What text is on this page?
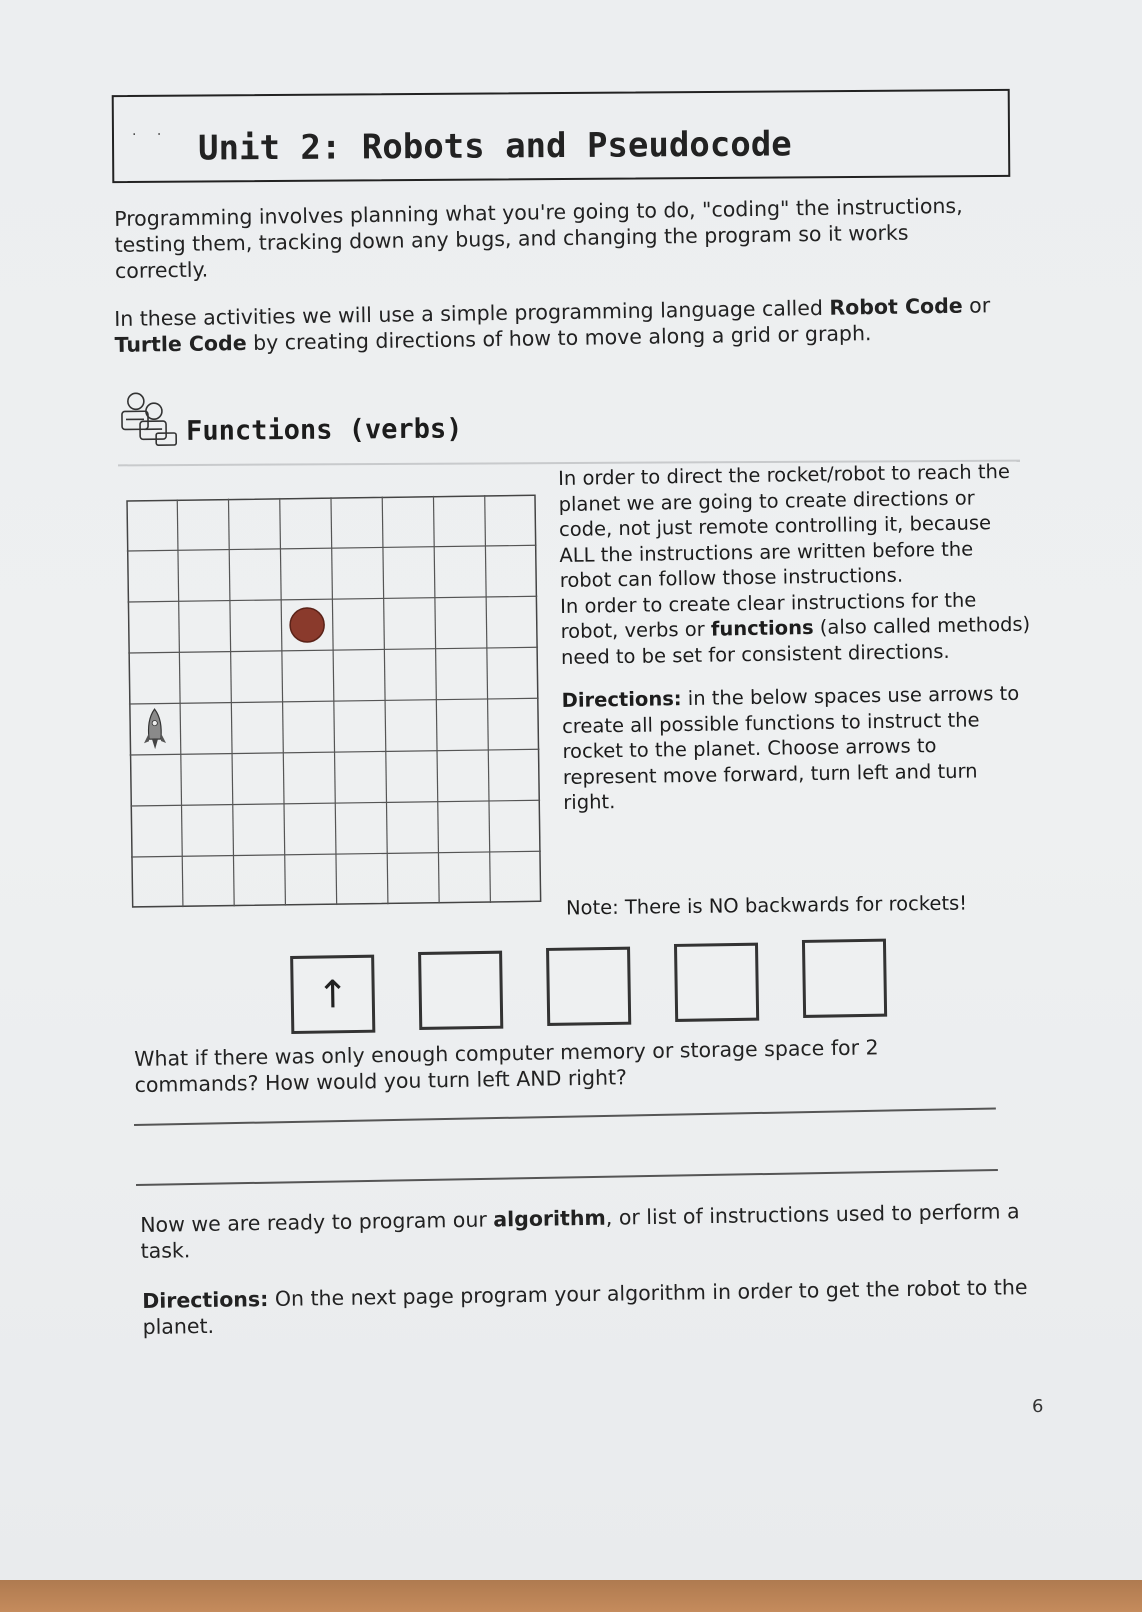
. . Unit 2: Robots and Pseudocode
Programming involves planning what you're going to do, "coding" the instructions, testing them, tracking down any bugs, and changing the program so it works correctly.
In these activities we will use a simple programming language called Robot Code or Turtle Code by creating directions of how to move along a grid or graph.
Functions (verbs)

In order to direct the rocket/robot to reach the planet we are going to create directions or code, not just remote controlling it, because ALL the instructions are written before the robot can follow those instructions.

In order to create clear instructions for the robot, verbs or functions (also called methods) need to be set for consistent directions.

Directions: in the below spaces use arrows to create all possible functions to instruct the rocket to the planet. Choose arrows to represent move forward, turn left and turn right.

Note: There is NO backwards for rockets!
↑
What if there was only enough computer memory or storage space for 2 commands? How would you turn left AND right?
Now we are ready to program our algorithm, or list of instructions used to perform a task.
Directions: On the next page program your algorithm in order to get the robot to the planet.
6
